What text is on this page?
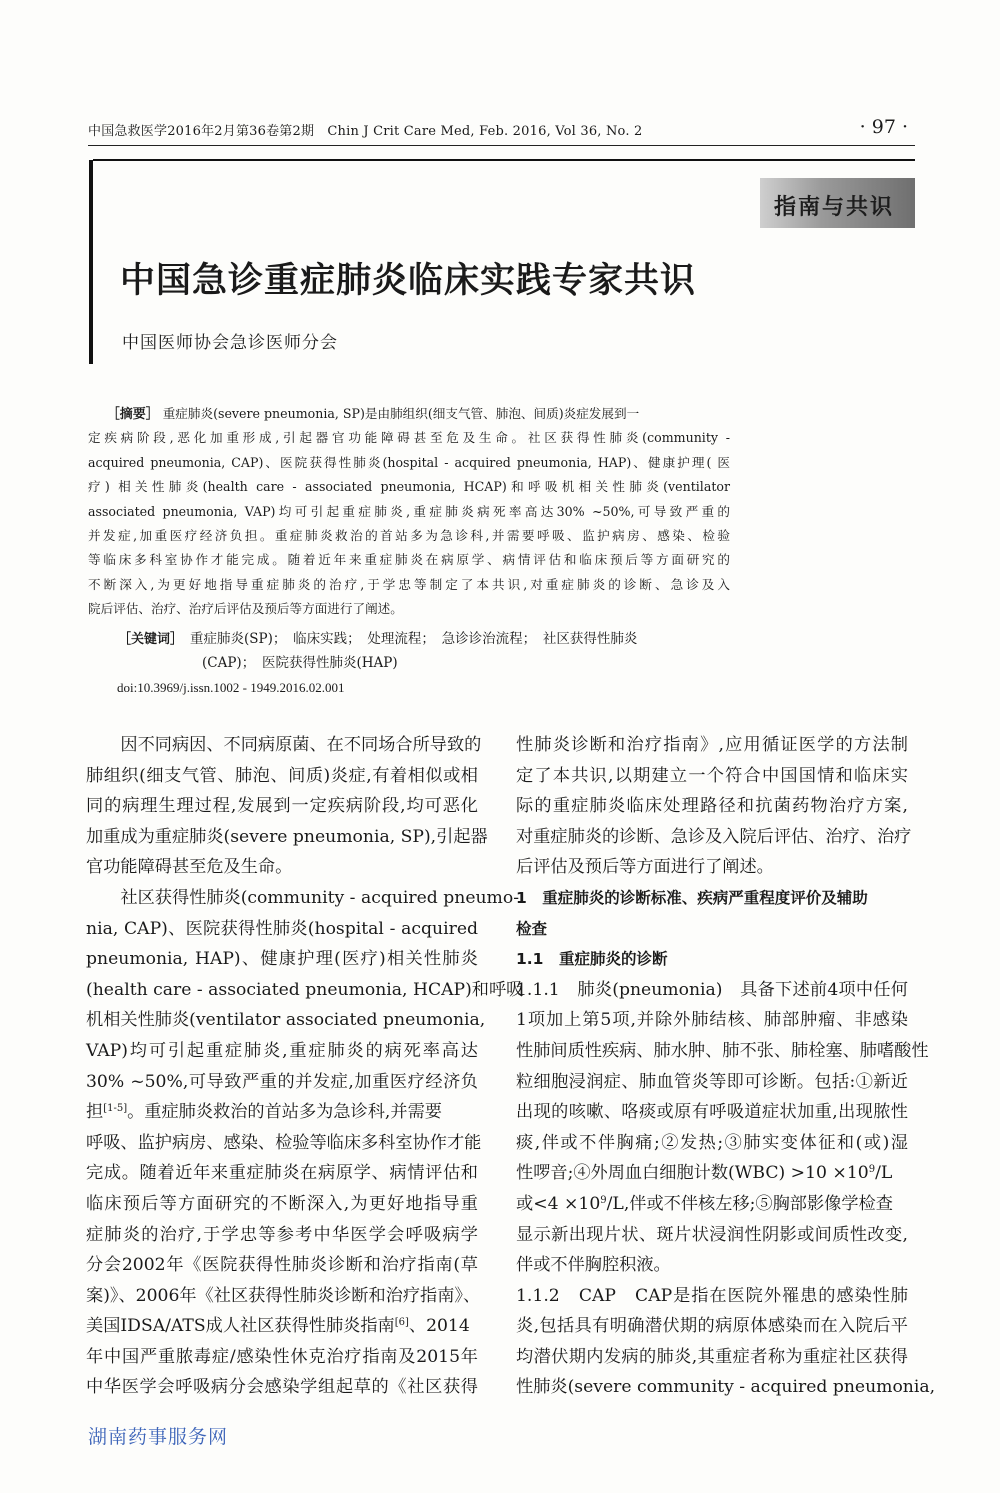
中国急救医学2016年2月第36卷第2期　Chin J Crit Care Med, Feb. 2016, Vol 36, No. 2	· 97 ·
指南与共识
中国急诊重症肺炎临床实践专家共识
中国医师协会急诊医师分会
　　［摘要］ 重症肺炎(severe pneumonia, SP)是由肺组织(细支气管、肺泡、间质)炎症发展到一
定疾病阶段,恶化加重形成,引起器官功能障碍甚至危及生命。社区获得性肺炎(community -
acquired pneumonia, CAP)、医院获得性肺炎(hospital - acquired pneumonia, HAP)、健康护理( 医
疗) 相关性肺炎(health care - associated pneumonia, HCAP)和呼吸机相关性肺炎(ventilator
associated pneumonia, VAP)均可引起重症肺炎,重症肺炎病死率高达30% ~50%,可导致严重的
并发症,加重医疗经济负担。重症肺炎救治的首站多为急诊科,并需要呼吸、监护病房、感染、检验
等临床多科室协作才能完成。随着近年来重症肺炎在病原学、病情评估和临床预后等方面研究的
不断深入,为更好地指导重症肺炎的治疗,于学忠等制定了本共识,对重症肺炎的诊断、急诊及入
院后评估、治疗、治疗后评估及预后等方面进行了阐述。
［关键词］　 重症肺炎(SP)；　临床实践；　处理流程；　急诊诊治流程；　社区获得性肺炎
(CAP)；　医院获得性肺炎(HAP)
doi:10.3969/j.issn.1002 - 1949.2016.02.001
　　因不同病因、不同病原菌、在不同场合所导致的
肺组织(细支气管、肺泡、间质)炎症,有着相似或相
同的病理生理过程,发展到一定疾病阶段,均可恶化
加重成为重症肺炎(severe pneumonia, SP),引起器
官功能障碍甚至危及生命。
　　社区获得性肺炎(community - acquired pneumo-
nia, CAP)、医院获得性肺炎(hospital - acquired
pneumonia, HAP)、健康护理(医疗)相关性肺炎
(health care - associated pneumonia, HCAP)和呼吸
机相关性肺炎(ventilator associated pneumonia,
VAP)均可引起重症肺炎,重症肺炎的病死率高达
30% ~50%,可导致严重的并发症,加重医疗经济负
担[1-5]。重症肺炎救治的首站多为急诊科,并需要
呼吸、监护病房、感染、检验等临床多科室协作才能
完成。随着近年来重症肺炎在病原学、病情评估和
临床预后等方面研究的不断深入,为更好地指导重
症肺炎的治疗,于学忠等参考中华医学会呼吸病学
分会2002年《医院获得性肺炎诊断和治疗指南(草
案)》、2006年《社区获得性肺炎诊断和治疗指南》、
美国IDSA/ATS成人社区获得性肺炎指南[6]、2014
年中国严重脓毒症/感染性休克治疗指南及2015年
中华医学会呼吸病分会感染学组起草的《社区获得
性肺炎诊断和治疗指南》,应用循证医学的方法制
定了本共识,以期建立一个符合中国国情和临床实
际的重症肺炎临床处理路径和抗菌药物治疗方案,
对重症肺炎的诊断、急诊及入院后评估、治疗、治疗
后评估及预后等方面进行了阐述。
1　重症肺炎的诊断标准、疾病严重程度评价及辅助
检查
1.1　重症肺炎的诊断
1.1.1　肺炎(pneumonia)　具备下述前4项中任何
1项加上第5项,并除外肺结核、肺部肿瘤、非感染
性肺间质性疾病、肺水肿、肺不张、肺栓塞、肺嗜酸性
粒细胞浸润症、肺血管炎等即可诊断。包括:①新近
出现的咳嗽、咯痰或原有呼吸道症状加重,出现脓性
痰,伴或不伴胸痛;②发热;③肺实变体征和(或)湿
性啰音;④外周血白细胞计数$(WBC) >10 \times 10^9/L$
或$<4 \times 10^9/L$,伴或不伴核左移;⑤胸部影像学检查
显示新出现片状、斑片状浸润性阴影或间质性改变,
伴或不伴胸腔积液。
1.1.2　CAP　CAP是指在医院外罹患的感染性肺
炎,包括具有明确潜伏期的病原体感染而在入院后平
均潜伏期内发病的肺炎,其重症者称为重症社区获得
性肺炎(severe community - acquired pneumonia,
湖南药事服务网
